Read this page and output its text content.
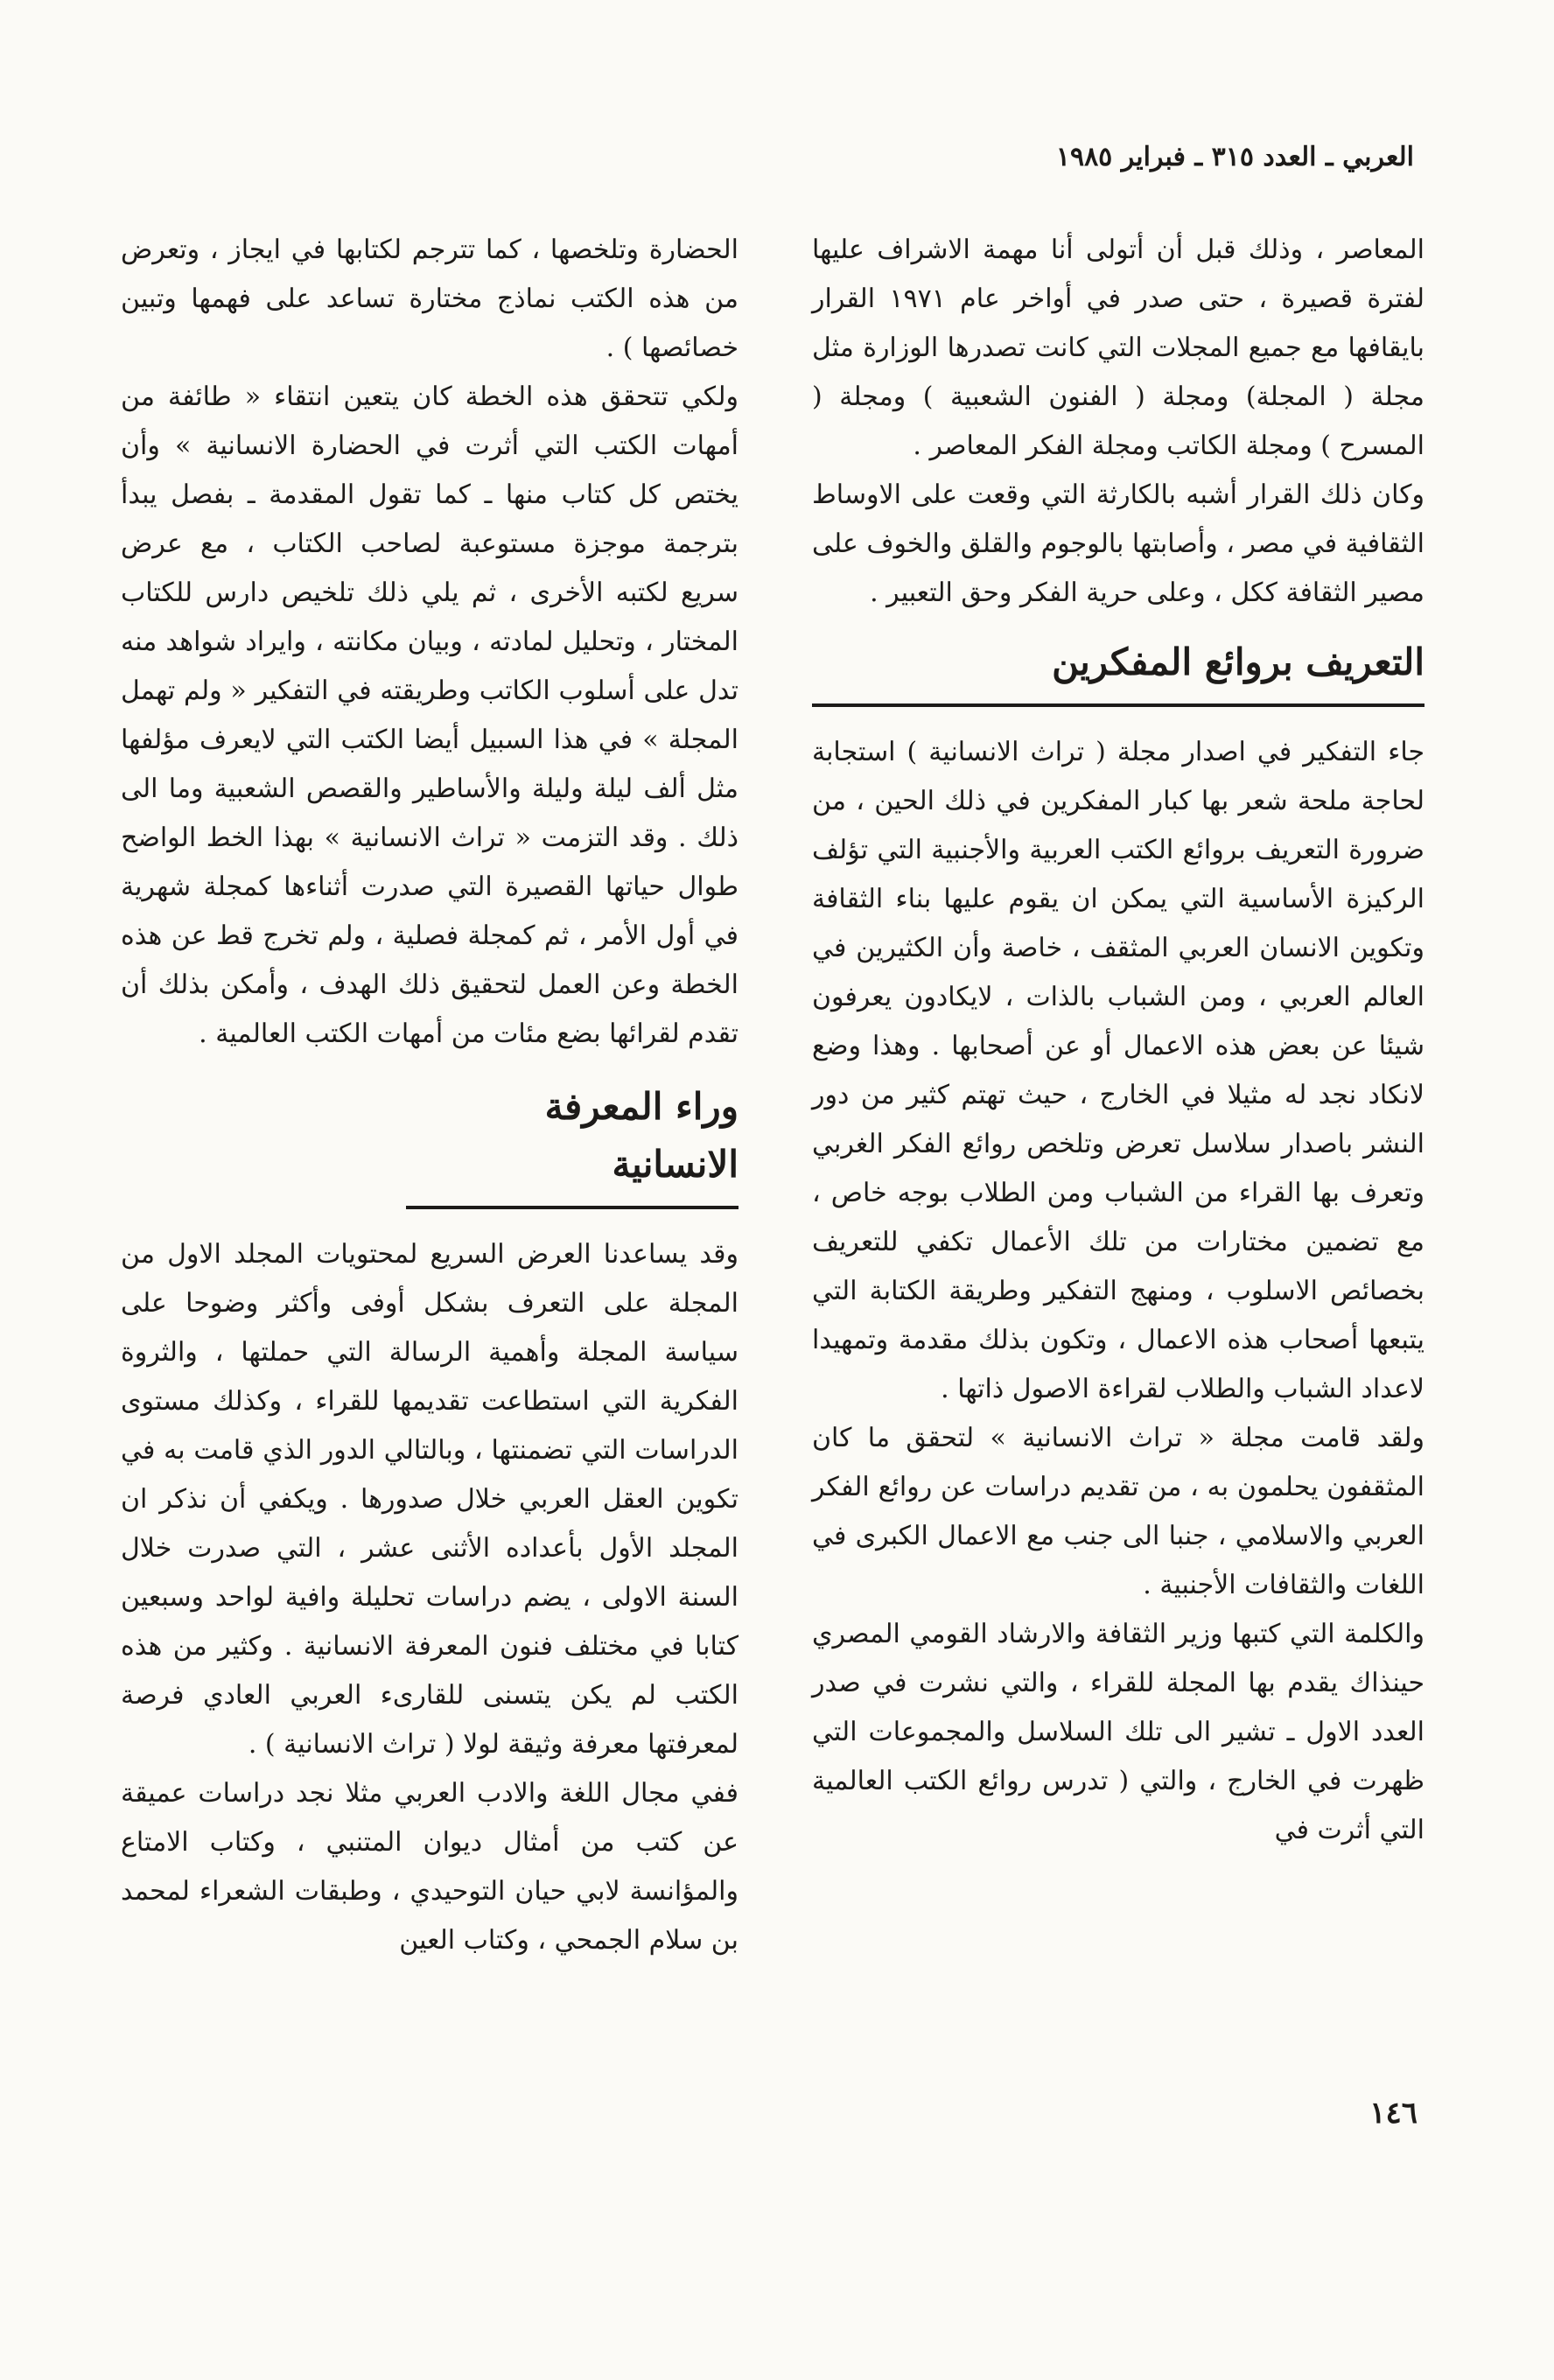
العربي ـ العدد ٣١٥ ـ فبراير ١٩٨٥

المعاصر ، وذلك قبل أن أتولى أنا مهمة الاشراف عليها لفترة قصيرة ، حتى صدر في أواخر عام ١٩٧١ القرار بايقافها مع جميع المجلات التي كانت تصدرها الوزارة مثل مجلة ( المجلة) ومجلة ( الفنون الشعبية ) ومجلة ( المسرح ) ومجلة الكاتب ومجلة الفكر المعاصر .

وكان ذلك القرار أشبه بالكارثة التي وقعت على الاوساط الثقافية في مصر ، وأصابتها بالوجوم والقلق والخوف على مصير الثقافة ككل ، وعلى حرية الفكر وحق التعبير .

التعريف بروائع المفكرين

جاء التفكير في اصدار مجلة ( تراث الانسانية ) استجابة لحاجة ملحة شعر بها كبار المفكرين في ذلك الحين ، من ضرورة التعريف بروائع الكتب العربية والأجنبية التي تؤلف الركيزة الأساسية التي يمكن ان يقوم عليها بناء الثقافة وتكوين الانسان العربي المثقف ، خاصة وأن الكثيرين في العالم العربي ، ومن الشباب بالذات ، لايكادون يعرفون شيئا عن بعض هذه الاعمال أو عن أصحابها . وهذا وضع لانكاد نجد له مثيلا في الخارج ، حيث تهتم كثير من دور النشر باصدار سلاسل تعرض وتلخص روائع الفكر الغربي وتعرف بها القراء من الشباب ومن الطلاب بوجه خاص ، مع تضمين مختارات من تلك الأعمال تكفي للتعريف بخصائص الاسلوب ، ومنهج التفكير وطريقة الكتابة التي يتبعها أصحاب هذه الاعمال ، وتكون بذلك مقدمة وتمهيدا لاعداد الشباب والطلاب لقراءة الاصول ذاتها .

ولقد قامت مجلة « تراث الانسانية » لتحقق ما كان المثقفون يحلمون به ، من تقديم دراسات عن روائع الفكر العربي والاسلامي ، جنبا الى جنب مع الاعمال الكبرى في اللغات والثقافات الأجنبية .

والكلمة التي كتبها وزير الثقافة والارشاد القومي المصري حينذاك يقدم بها المجلة للقراء ، والتي نشرت في صدر العدد الاول ـ تشير الى تلك السلاسل والمجموعات التي ظهرت في الخارج ، والتي ( تدرس روائع الكتب العالمية التي أثرت في

الحضارة وتلخصها ، كما تترجم لكتابها في ايجاز ، وتعرض من هذه الكتب نماذج مختارة تساعد على فهمها وتبين خصائصها ) .

ولكي تتحقق هذه الخطة كان يتعين انتقاء « طائفة من أمهات الكتب التي أثرت في الحضارة الانسانية » وأن يختص كل كتاب منها ـ كما تقول المقدمة ـ بفصل يبدأ بترجمة موجزة مستوعبة لصاحب الكتاب ، مع عرض سريع لكتبه الأخرى ، ثم يلي ذلك تلخيص دارس للكتاب المختار ، وتحليل لمادته ، وبيان مكانته ، وايراد شواهد منه تدل على أسلوب الكاتب وطريقته في التفكير « ولم تهمل المجلة » في هذا السبيل أيضا الكتب التي لايعرف مؤلفها مثل ألف ليلة وليلة والأساطير والقصص الشعبية وما الى ذلك . وقد التزمت « تراث الانسانية » بهذا الخط الواضح طوال حياتها القصيرة التي صدرت أثناءها كمجلة شهرية في أول الأمر ، ثم كمجلة فصلية ، ولم تخرج قط عن هذه الخطة وعن العمل لتحقيق ذلك الهدف ، وأمكن بذلك أن تقدم لقرائها بضع مئات من أمهات الكتب العالمية .

وراء المعرفة الانسانية

وقد يساعدنا العرض السريع لمحتويات المجلد الاول من المجلة على التعرف بشكل أوفى وأكثر وضوحا على سياسة المجلة وأهمية الرسالة التي حملتها ، والثروة الفكرية التي استطاعت تقديمها للقراء ، وكذلك مستوى الدراسات التي تضمنتها ، وبالتالي الدور الذي قامت به في تكوين العقل العربي خلال صدورها . ويكفي أن نذكر ان المجلد الأول بأعداده الأثنى عشر ، التي صدرت خلال السنة الاولى ، يضم دراسات تحليلة وافية لواحد وسبعين كتابا في مختلف فنون المعرفة الانسانية . وكثير من هذه الكتب لم يكن يتسنى للقارىء العربي العادي فرصة لمعرفتها معرفة وثيقة لولا ( تراث الانسانية ) .

ففي مجال اللغة والادب العربي مثلا نجد دراسات عميقة عن كتب من أمثال ديوان المتنبي ، وكتاب الامتاع والمؤانسة لابي حيان التوحيدي ، وطبقات الشعراء لمحمد بن سلام الجمحي ، وكتاب العين

١٤٦
